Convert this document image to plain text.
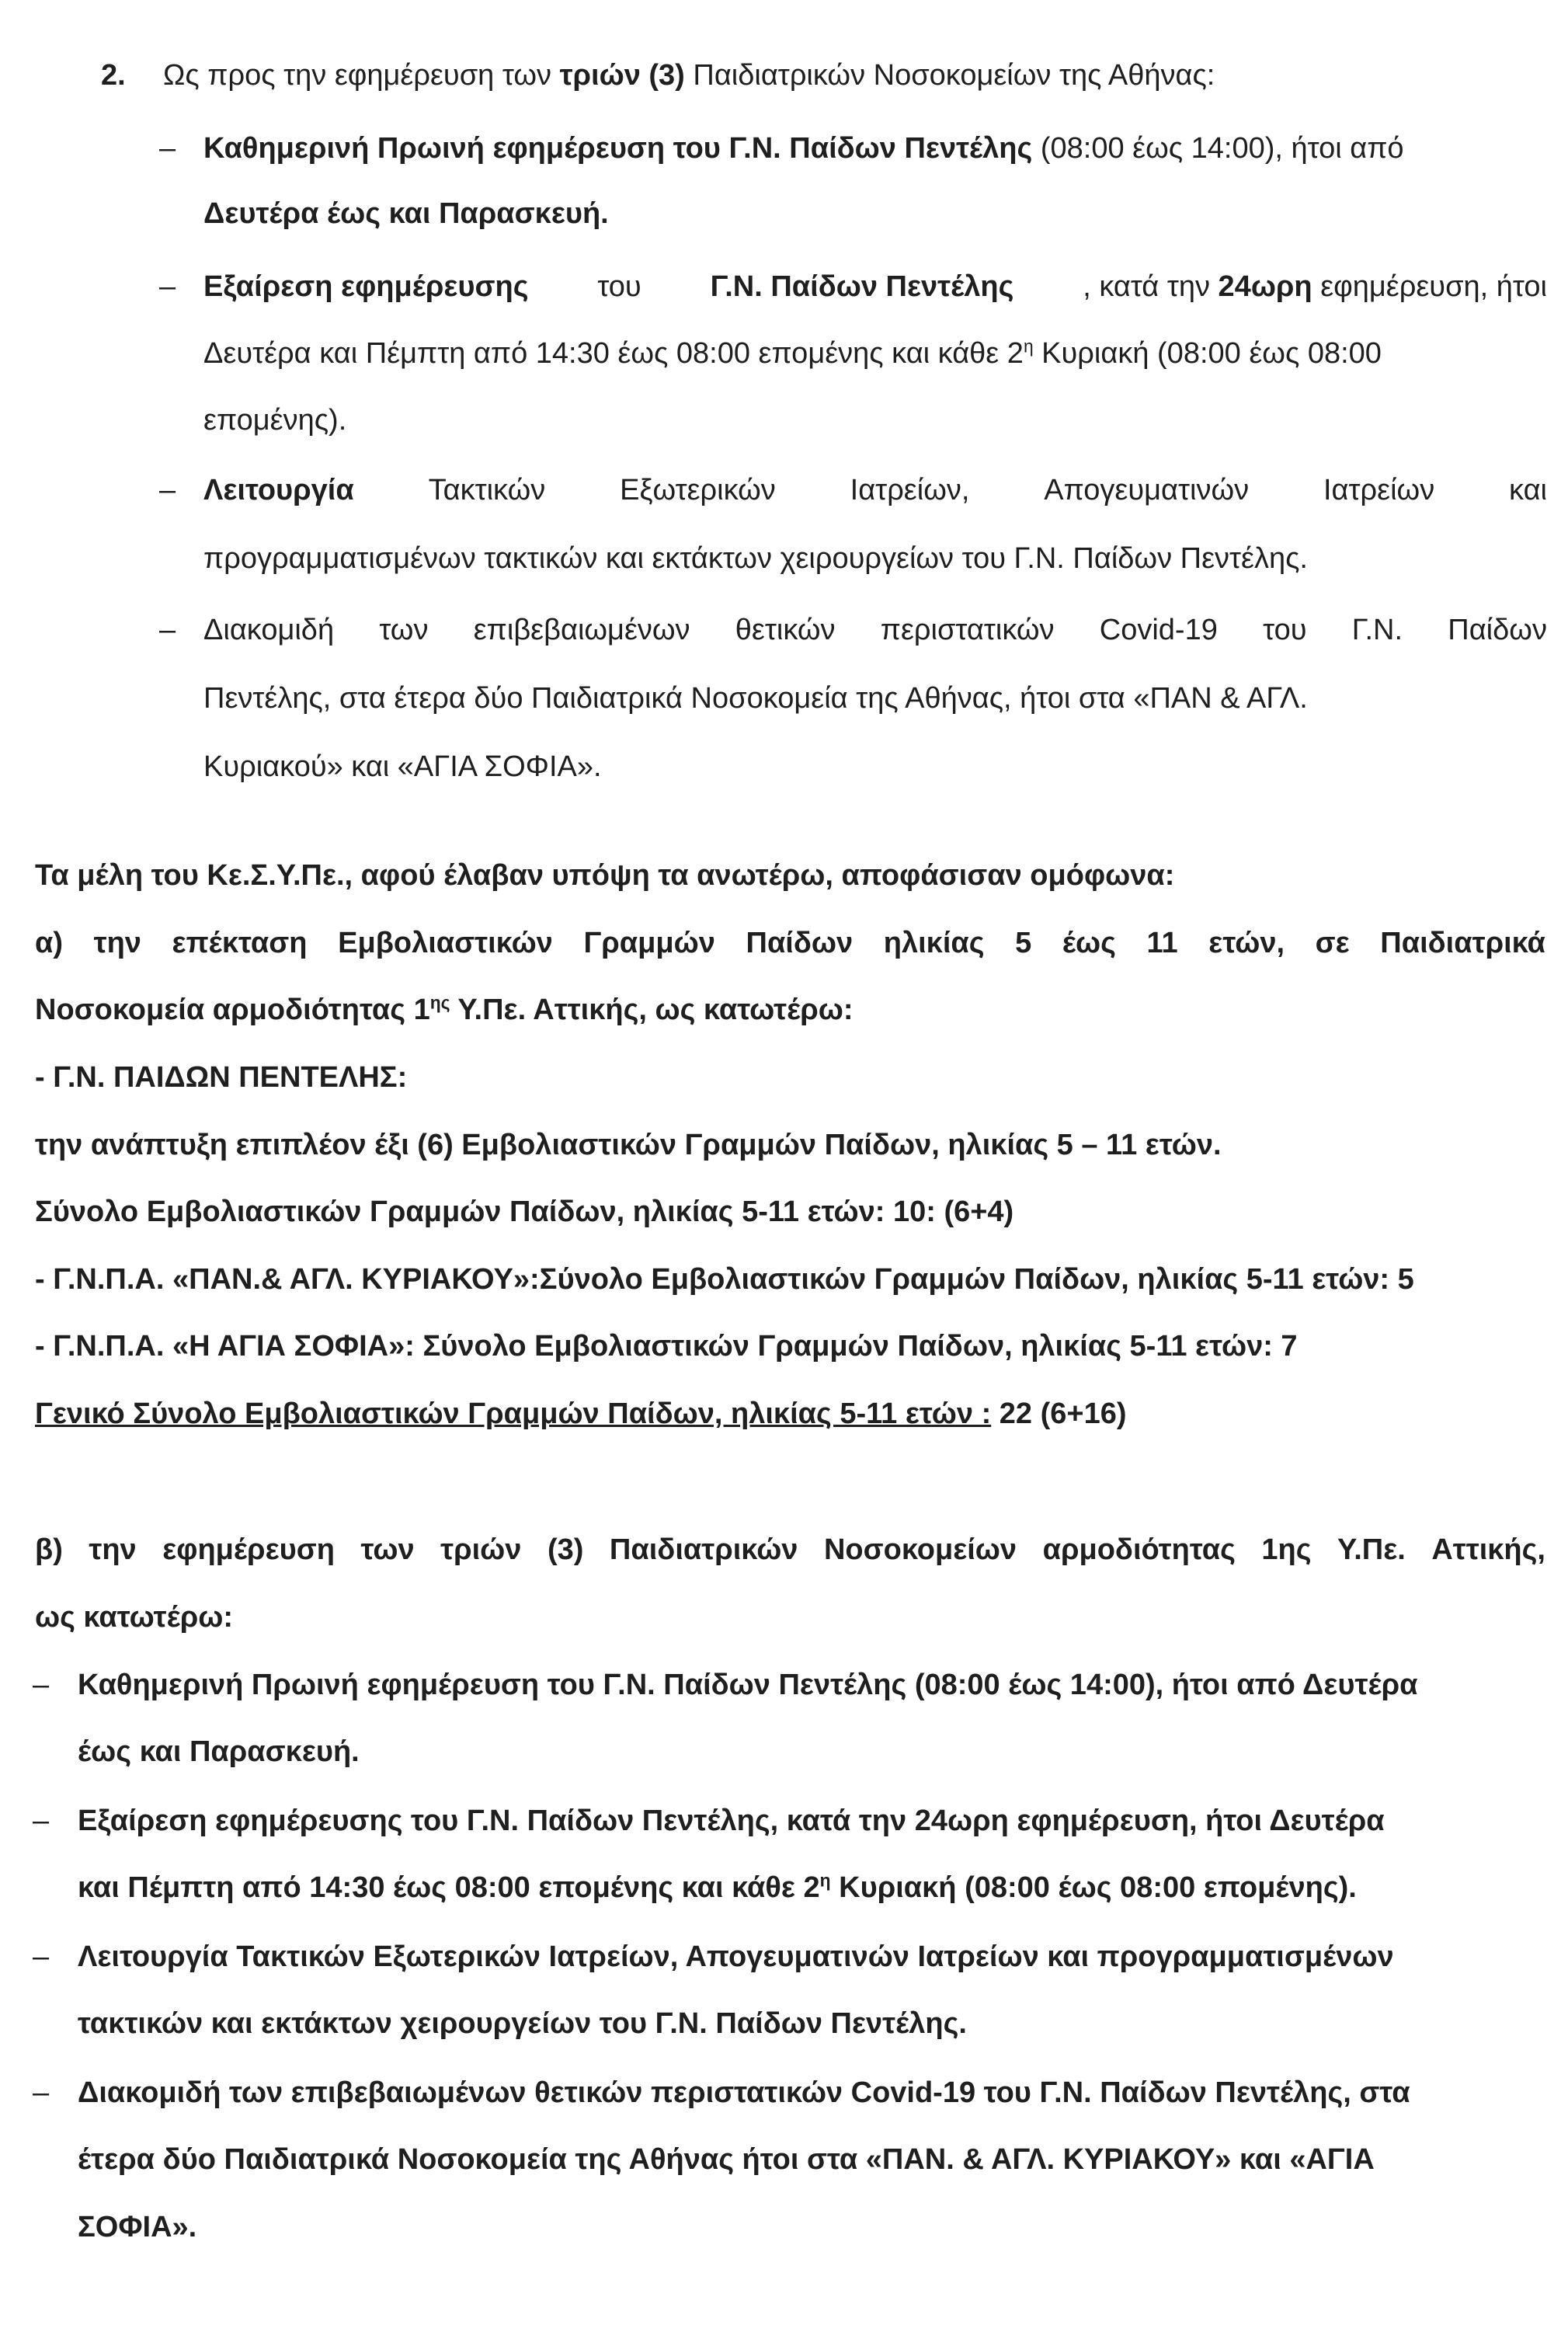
2. Ως προς την εφημέρευση των τριών (3) Παιδιατρικών Νοσοκομείων της Αθήνας:
– Καθημερινή Πρωινή εφημέρευση του Γ.Ν. Παίδων Πεντέλης (08:00 έως 14:00), ήτοι από
Δευτέρα έως και Παρασκευή.
– Εξαίρεση εφημέρευσης του Γ.Ν. Παίδων Πεντέλης , κατά την 24ωρη εφημέρευση, ήτοι
Δευτέρα και Πέμπτη από 14:30 έως 08:00 επομένης και κάθε $2^\eta$ Κυριακή (08:00 έως 08:00
επομένης).
– Λειτουργία	Τακτικών	Εξωτερικών	Ιατρείων,	Απογευματινών	Ιατρείων	και
προγραμματισμένων τακτικών και εκτάκτων χειρουργείων του Γ.Ν. Παίδων Πεντέλης.
– Διακομιδή των επιβεβαιωμένων θετικών περιστατικών Covid-19 του Γ.Ν. Παίδων
Πεντέλης, στα έτερα δύο Παιδιατρικά Νοσοκομεία της Αθήνας, ήτοι στα «ΠΑΝ & ΑΓΛ.
Κυριακού» και «ΑΓΙΑ ΣΟΦΙΑ».
Τα μέλη του Κε.Σ.Υ.Πε., αφού έλαβαν υπόψη τα ανωτέρω, αποφάσισαν ομόφωνα:
α) την επέκταση Εμβολιαστικών Γραμμών Παίδων ηλικίας 5 έως 11 ετών, σε Παιδιατρικά
Νοσοκομεία αρμοδιότητας $1^{\eta\varsigma}$ Υ.Πε. Αττικής, ως κατωτέρω:
- Γ.Ν. ΠΑΙΔΩΝ ΠΕΝΤΕΛΗΣ:
την ανάπτυξη επιπλέον έξι (6) Εμβολιαστικών Γραμμών Παίδων, ηλικίας 5 – 11 ετών.
Σύνολο Εμβολιαστικών Γραμμών Παίδων, ηλικίας 5-11 ετών: 10: (6+4)
- Γ.Ν.Π.Α. «ΠΑΝ.& ΑΓΛ. ΚΥΡΙΑΚΟΥ»:Σύνολο Εμβολιαστικών Γραμμών Παίδων, ηλικίας 5-11 ετών: 5
- Γ.Ν.Π.Α. «Η ΑΓΙΑ ΣΟΦΙΑ»: Σύνολο Εμβολιαστικών Γραμμών Παίδων, ηλικίας 5-11 ετών: 7
Γενικό Σύνολο Εμβολιαστικών Γραμμών Παίδων, ηλικίας 5-11 ετών : 22 (6+16)
β) την εφημέρευση των τριών (3) Παιδιατρικών Νοσοκομείων αρμοδιότητας 1ης Υ.Πε. Αττικής,
ως κατωτέρω:
– Καθημερινή Πρωινή εφημέρευση του Γ.Ν. Παίδων Πεντέλης (08:00 έως 14:00), ήτοι από Δευτέρα
έως και Παρασκευή.
– Εξαίρεση εφημέρευσης του Γ.Ν. Παίδων Πεντέλης, κατά την 24ωρη εφημέρευση, ήτοι Δευτέρα
και Πέμπτη από 14:30 έως 08:00 επομένης και κάθε $2^\eta$ Κυριακή (08:00 έως 08:00 επομένης).
– Λειτουργία Τακτικών Εξωτερικών Ιατρείων, Απογευματινών Ιατρείων και προγραμματισμένων
τακτικών και εκτάκτων χειρουργείων του Γ.Ν. Παίδων Πεντέλης.
– Διακομιδή των επιβεβαιωμένων θετικών περιστατικών Covid-19 του Γ.Ν. Παίδων Πεντέλης, στα
έτερα δύο Παιδιατρικά Νοσοκομεία της Αθήνας ήτοι στα «ΠΑΝ. & ΑΓΛ. ΚΥΡΙΑΚΟΥ» και «ΑΓΙΑ
ΣΟΦΙΑ».
